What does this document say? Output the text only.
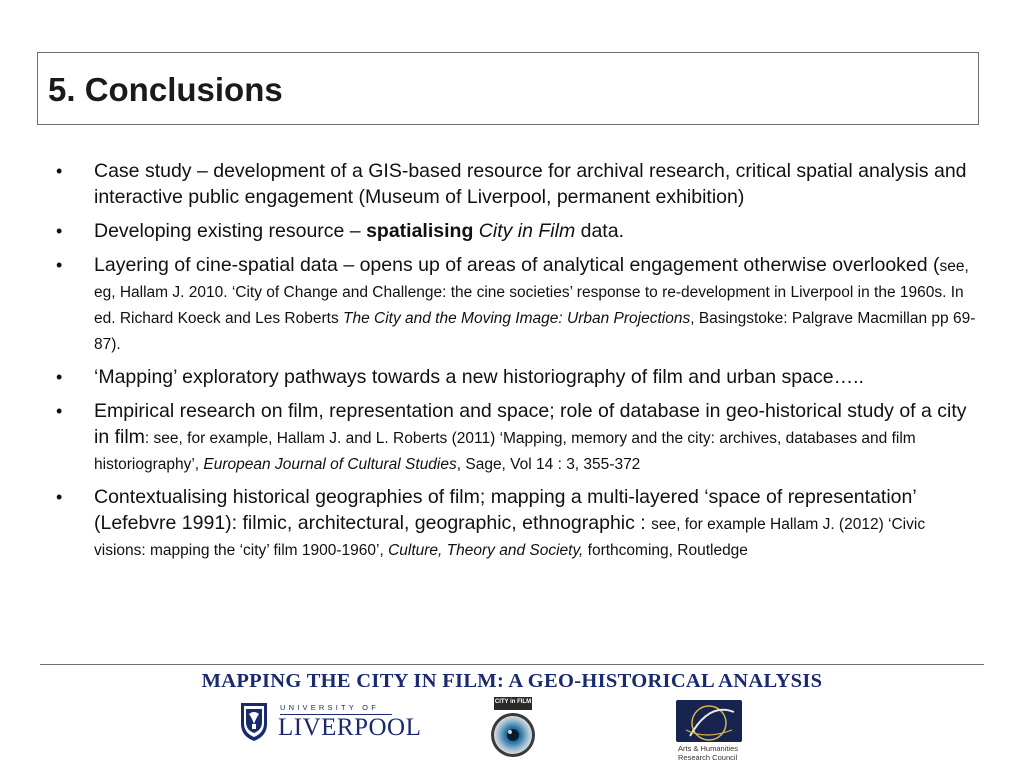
5. Conclusions
• Case study – development of a GIS-based resource for archival research, critical spatial analysis and interactive public engagement (Museum of Liverpool, permanent exhibition)
• Developing existing resource – spatialising City in Film data.
• Layering of cine-spatial data – opens up of areas of analytical engagement otherwise overlooked (see, eg, Hallam J. 2010. ‘City of Change and Challenge: the cine societies’ response to re-development in Liverpool in the 1960s. In ed. Richard Koeck and Les Roberts The City and the Moving Image: Urban Projections, Basingstoke: Palgrave Macmillan pp 69-87).
• ‘Mapping’ exploratory pathways towards a new historiography of film and urban space…..
• Empirical research on film, representation and space; role of database in geo-historical study of a city in film: see, for example, Hallam J. and L. Roberts (2011) ‘Mapping, memory and the city: archives, databases and film historiography’, European Journal of Cultural Studies, Sage, Vol 14 : 3, 355-372
• Contextualising historical geographies of film; mapping a multi-layered ‘space of representation’ (Lefebvre 1991): filmic, architectural, geographic, ethnographic : see, for example Hallam J. (2012) ‘Civic visions: mapping the ‘city’ film 1900-1960’, Culture, Theory and Society, forthcoming, Routledge
MAPPING THE CITY IN FILM: A GEO-HISTORICAL ANALYSIS
UNIVERSITY OF
LIVERPOOL
CITY in FILM
Arts & Humanities
Research Council
